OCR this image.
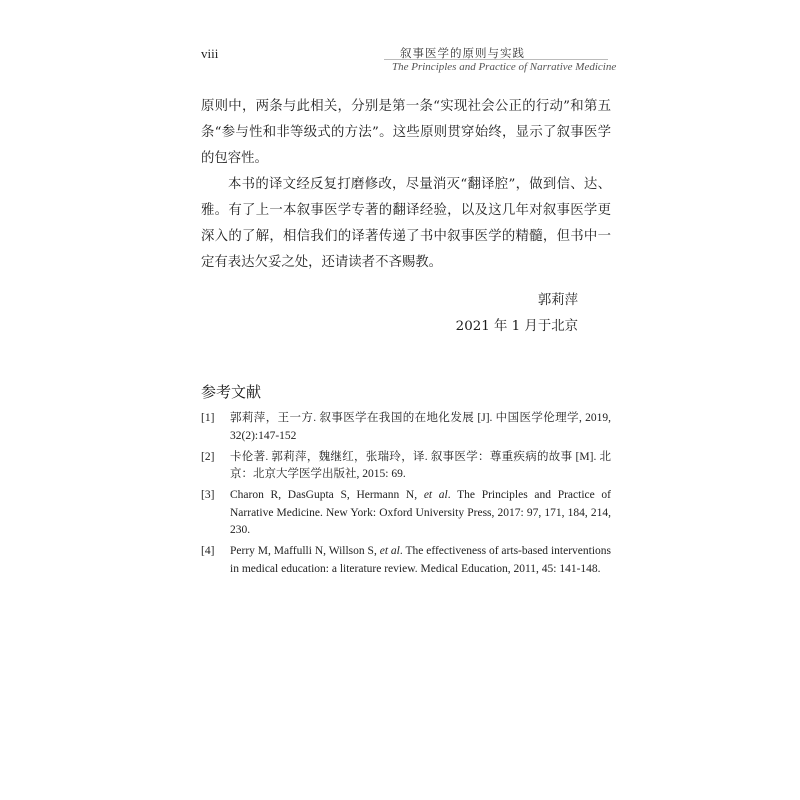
viii	叙事医学的原则与实践
The Principles and Practice of Narrative Medicine

原则中，两条与此相关，分别是第一条“实现社会公正的行动”和第五条“参与性和非等级式的方法”。这些原则贯穿始终，显示了叙事医学的包容性。

本书的译文经反复打磨修改，尽量消灭“翻译腔”，做到信、达、雅。有了上一本叙事医学专著的翻译经验，以及这几年对叙事医学更深入的了解，相信我们的译著传递了书中叙事医学的精髓，但书中一定有表达欠妥之处，还请读者不吝赐教。

郭莉萍
2021 年 1 月于北京
参考文献
[1]	郭莉萍，王一方. 叙事医学在我国的在地化发展 [J]. 中国医学伦理学, 2019, 32(2):147-152
[2]	卡伦著. 郭莉萍，魏继红，张瑞玲，译. 叙事医学：尊重疾病的故事 [M]. 北京：北京大学医学出版社, 2015: 69.
[3]	Charon R, DasGupta S, Hermann N, et al. The Principles and Practice of Narrative Medicine. New York: Oxford University Press, 2017: 97, 171, 184, 214, 230.
[4]	Perry M, Maffulli N, Willson S, et al. The effectiveness of arts-based interventions in medical education: a literature review. Medical Education, 2011, 45: 141-148.
